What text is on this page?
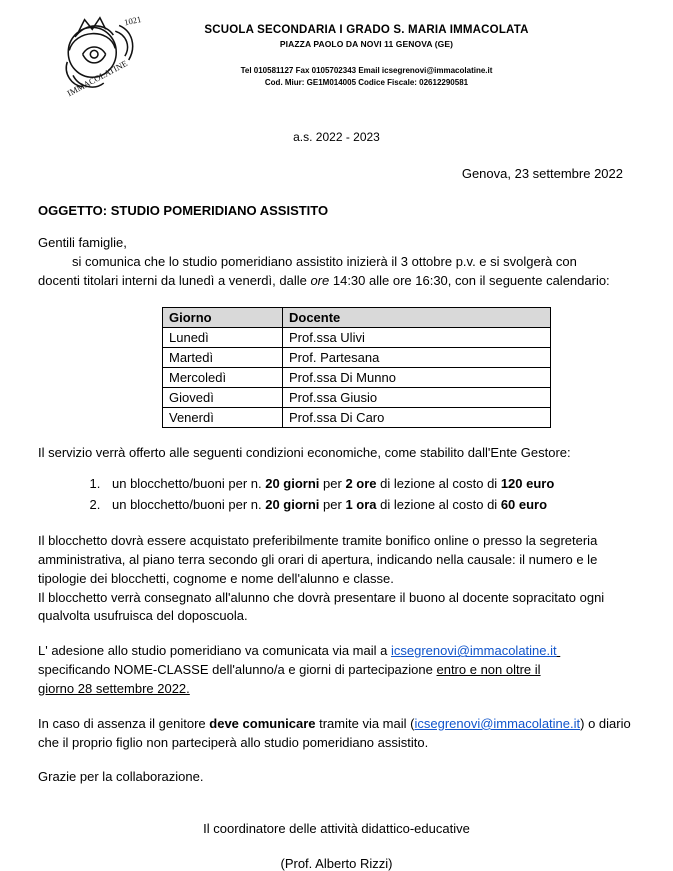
1021
IMMACOLATINE
SCUOLA SECONDARIA I GRADO S. MARIA IMMACOLATA
PIAZZA PAOLO DA NOVI 11 GENOVA (GE)
Tel 010581127 Fax 0105702343 Email icsegrenovi@immacolatine.it
Cod. Miur: GE1M014005 Codice Fiscale: 02612290581
a.s. 2022 - 2023
Genova, 23 settembre 2022
OGGETTO: STUDIO POMERIDIANO ASSISTITO

Gentili famiglie,
si comunica che lo studio pomeridiano assistito inizierà il 3 ottobre p.v. e si svolgerà con
docenti titolari interni da lunedì a venerdì, dalle ore 14:30 alle ore 16:30, con il seguente calendario:

Giorno	Docente
Lunedì	Prof.ssa Ulivi
Martedì	Prof. Partesana
Mercoledì	Prof.ssa Di Munno
Giovedì	Prof.ssa Giusio
Venerdì	Prof.ssa Di Caro

Il servizio verrà offerto alle seguenti condizioni economiche, come stabilito dall'Ente Gestore:

1. un blocchetto/buoni per n. 20 giorni per 2 ore di lezione al costo di 120 euro
2. un blocchetto/buoni per n. 20 giorni per 1 ora di lezione al costo di 60 euro

Il blocchetto dovrà essere acquistato preferibilmente tramite bonifico online o presso la segreteria amministrativa, al piano terra secondo gli orari di apertura, indicando nella causale: il numero e le tipologie dei blocchetti, cognome e nome dell'alunno e classe.
Il blocchetto verrà consegnato all'alunno che dovrà presentare il buono al docente sopracitato ogni qualvolta usufruisca del doposcuola.

L' adesione allo studio pomeridiano va comunicata via mail a icsegrenovi@immacolatine.it
specificando NOME-CLASSE dell'alunno/a e giorni di partecipazione entro e non oltre il
giorno 28 settembre 2022.

In caso di assenza il genitore deve comunicare tramite via mail (icsegrenovi@immacolatine.it) o diario che il proprio figlio non parteciperà allo studio pomeridiano assistito.

Grazie per la collaborazione.

Il coordinatore delle attività didattico-educative
(Prof. Alberto Rizzi)
